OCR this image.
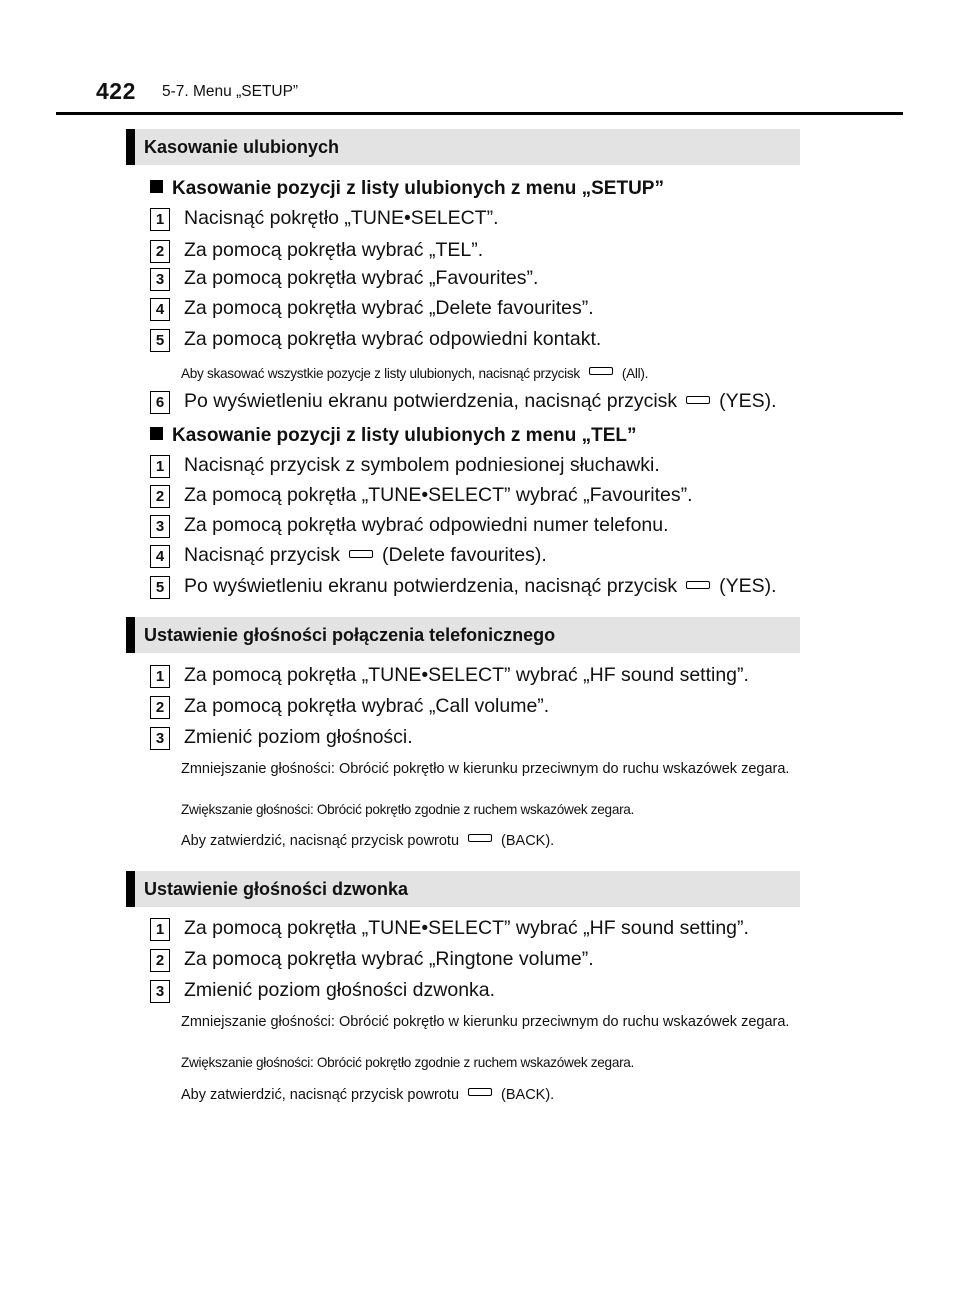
422 5-7. Menu „SETUP”
Kasowanie ulubionych
Kasowanie pozycji z listy ulubionych z menu „SETUP”
1 Nacisnąć pokrętło „TUNE•SELECT”.
2 Za pomocą pokrętła wybrać „TEL”.
3 Za pomocą pokrętła wybrać „Favourites”.
4 Za pomocą pokrętła wybrać „Delete favourites”.
5 Za pomocą pokrętła wybrać odpowiedni kontakt.
Aby skasować wszystkie pozycje z listy ulubionych, nacisnąć przycisk	(All).
6 Po wyświetleniu ekranu potwierdzenia, nacisnąć przycisk (YES).
Kasowanie pozycji z listy ulubionych z menu „TEL”
1 Nacisnąć przycisk z symbolem podniesionej słuchawki.
2 Za pomocą pokrętła „TUNE•SELECT” wybrać „Favourites”.
3 Za pomocą pokrętła wybrać odpowiedni numer telefonu.
4 Nacisnąć przycisk (Delete favourites).
5 Po wyświetleniu ekranu potwierdzenia, nacisnąć przycisk (YES).
Ustawienie głośności połączenia telefonicznego
1 Za pomocą pokrętła „TUNE•SELECT” wybrać „HF sound setting”.
2 Za pomocą pokrętła wybrać „Call volume”.
3 Zmienić poziom głośności.
Zmniejszanie głośności: Obrócić pokrętło w kierunku przeciwnym do ruchu wskazówek zegara.
Zwiększanie głośności: Obrócić pokrętło zgodnie z ruchem wskazówek zegara.
Aby zatwierdzić, nacisnąć przycisk powrotu	(BACK).
Ustawienie głośności dzwonka
1 Za pomocą pokrętła „TUNE•SELECT” wybrać „HF sound setting”.
2 Za pomocą pokrętła wybrać „Ringtone volume”.
3 Zmienić poziom głośności dzwonka.
Zmniejszanie głośności: Obrócić pokrętło w kierunku przeciwnym do ruchu wskazówek zegara.
Zwiększanie głośności: Obrócić pokrętło zgodnie z ruchem wskazówek zegara.
Aby zatwierdzić, nacisnąć przycisk powrotu	(BACK).
